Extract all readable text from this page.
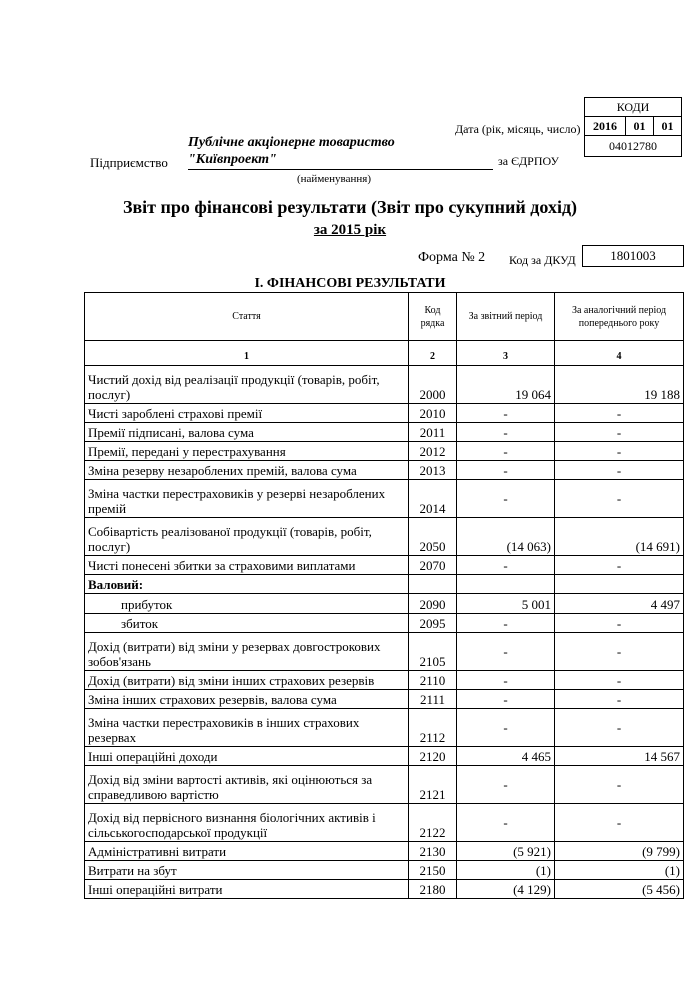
КОДИ
2016	01	01
04012780
Дата (рік, місяць, число)
Підприємство
Публічне акціонерне товариство
"Київпроект"	за ЄДРПОУ
(найменування)
Звіт про фінансові результати (Звіт про сукупний дохід)
за 2015 рік
Форма № 2 Код за ДКУД	1801003
І. ФІНАНСОВІ РЕЗУЛЬТАТИ
Стаття	Код рядка	За звітний період	За аналогічний період попереднього року
1	2	3	4
Чистий дохід від реалізації продукції (товарів, робіт, послуг)	2000	19 064	19 188
Чисті зароблені страхові премії	2010	-	-
Премії підписані, валова сума	2011	-	-
Премії, передані у перестрахування	2012	-	-
Зміна резерву незароблених премій, валова сума	2013	-	-
Зміна частки перестраховиків у резерві незароблених премій	2014	-	-
Собівартість реалізованої продукції (товарів, робіт, послуг)	2050	(14 063)	(14 691)
Чисті понесені збитки за страховими виплатами	2070	-	-
Валовий:			
прибуток	2090	5 001	4 497
збиток	2095	-	-
Дохід (витрати) від зміни у резервах довгострокових зобов'язань	2105	-	-
Дохід (витрати) від зміни інших страхових резервів	2110	-	-
Зміна інших страхових резервів, валова сума	2111	-	-
Зміна частки перестраховиків в інших страхових резервах	2112	-	-
Інші операційні доходи	2120	4 465	14 567
Дохід від зміни вартості активів, які оцінюються за справедливою вартістю	2121	-	-
Дохід від первісного визнання біологічних активів і сільськогосподарської продукції	2122	-	-
Адміністративні витрати	2130	(5 921)	(9 799)
Витрати на збут	2150	(1)	(1)
Інші операційні витрати	2180	(4 129)	(5 456)
